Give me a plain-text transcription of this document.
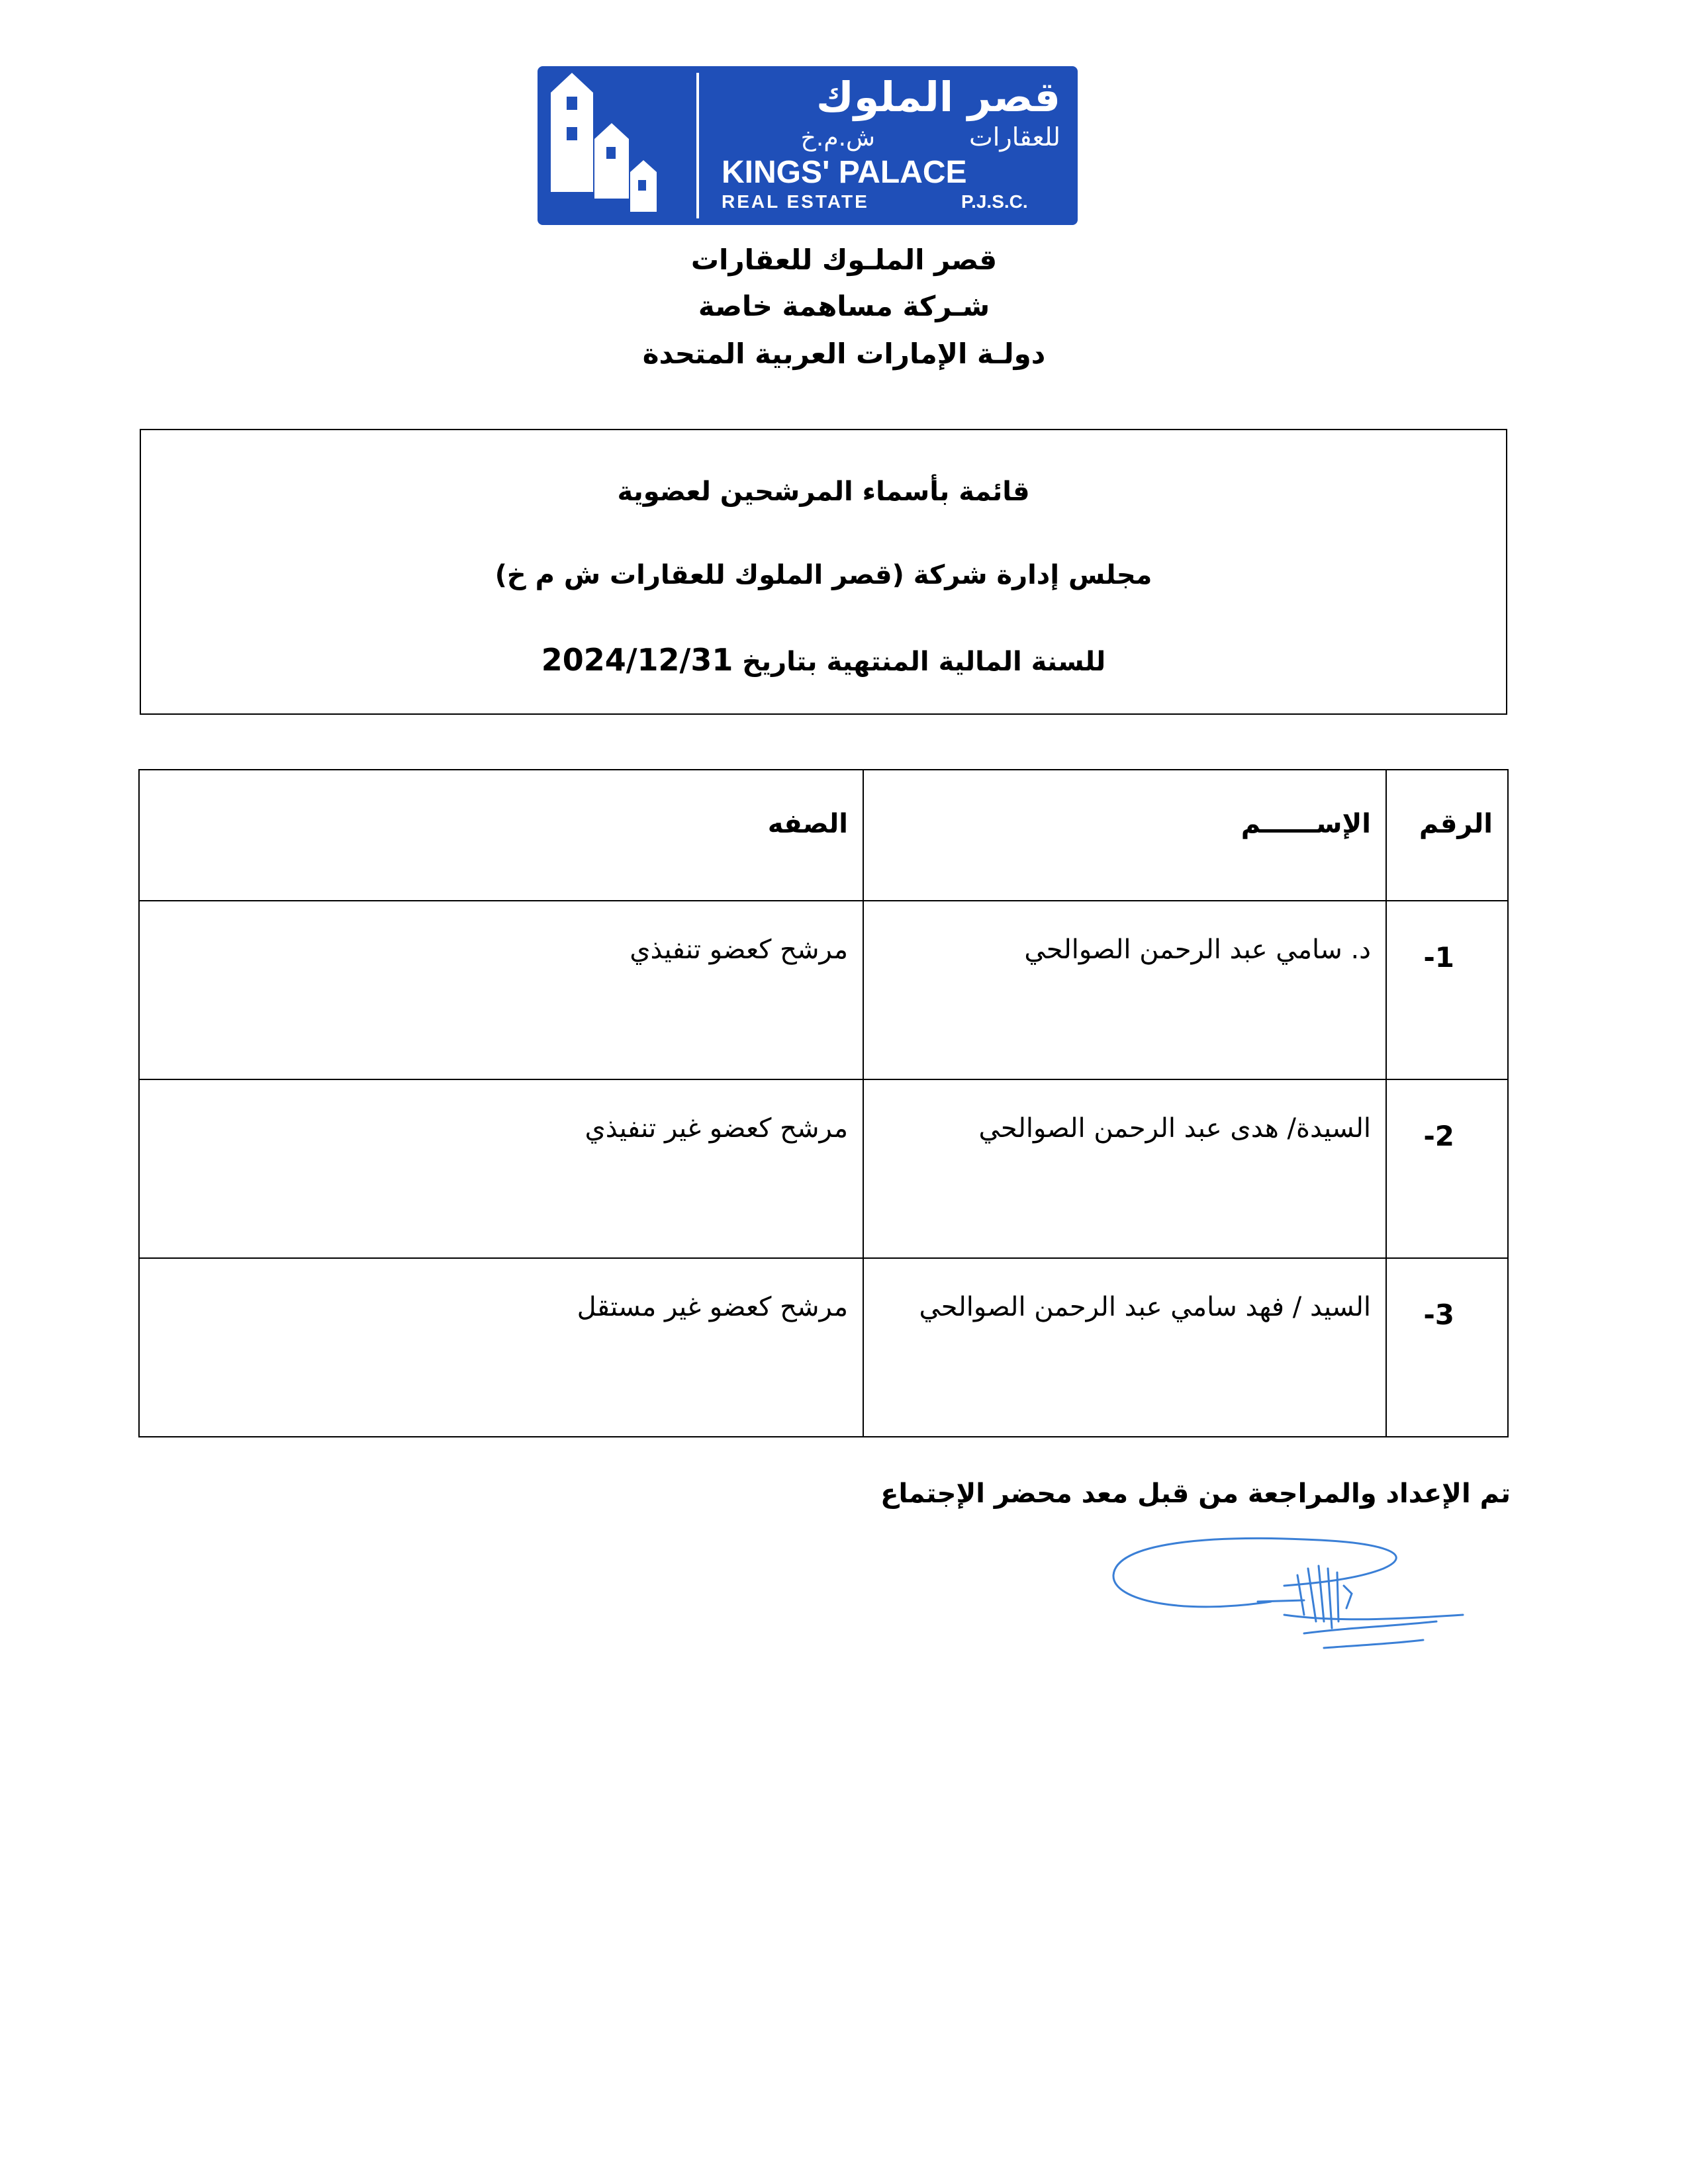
قصر الملوك
للعقارات
ش.م.خ
KINGS' PALACE
REAL ESTATE	P.J.S.C.
قصر الملـوك للعقارات
شـركة مساهمة خاصة
دولـة الإمارات العربية المتحدة
قائمة بأسماء المرشحين لعضوية
مجلس إدارة شركة (قصر الملوك للعقارات ش م خ)
للسنة المالية المنتهية بتاريخ 2024/12/31
الرقم	الإســــــم	الصفه

-1	د. سامي عبد الرحمن الصوالحي	مرشح كعضو تنفيذي

-2	السيدة/ هدى عبد الرحمن الصوالحي	مرشح كعضو غير تنفيذي

-3	السيد / فهد سامي عبد الرحمن الصوالحي	مرشح كعضو غير مستقل
تم الإعداد والمراجعة من قبل معد محضر الإجتماع
